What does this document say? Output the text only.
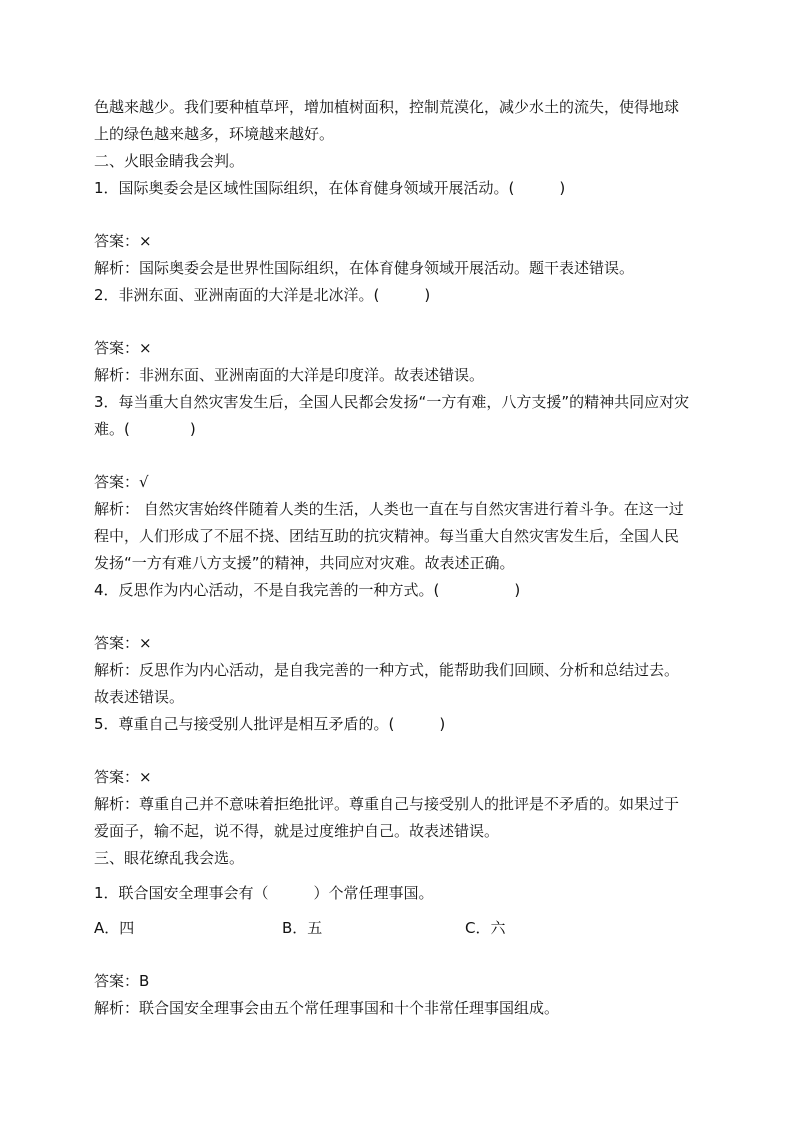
色越来越少。我们要种植草坪，增加植树面积，控制荒漠化，减少水土的流失，使得地球
上的绿色越来越多，环境越来越好。
二、火眼金睛我会判。
1．国际奥委会是区域性国际组织，在体育健身领域开展活动。(　　　)
答案：×
解析：国际奥委会是世界性国际组织，在体育健身领域开展活动。题干表述错误。
2．非洲东面、亚洲南面的大洋是北冰洋。(　　　)
答案：×
解析：非洲东面、亚洲南面的大洋是印度洋。故表述错误。
3．每当重大自然灾害发生后，全国人民都会发扬“一方有难，八方支援”的精神共同应对灾
难。(　　　　)
答案：√
解析： 自然灾害始终伴随着人类的生活，人类也一直在与自然灾害进行着斗争。在这一过
程中，人们形成了不屈不挠、团结互助的抗灾精神。每当重大自然灾害发生后，全国人民
发扬“一方有难八方支援”的精神，共同应对灾难。故表述正确。
4．反思作为内心活动，不是自我完善的一种方式。(　　　　　)
答案：×
解析：反思作为内心活动，是自我完善的一种方式，能帮助我们回顾、分析和总结过去。
故表述错误。
5．尊重自己与接受别人批评是相互矛盾的。(　　　)
答案：×
解析：尊重自己并不意味着拒绝批评。尊重自己与接受别人的批评是不矛盾的。如果过于
爱面子，输不起，说不得，就是过度维护自己。故表述错误。
三、眼花缭乱我会选。
1．联合国安全理事会有（　　　）个常任理事国。
A．四	B．五	C．六
答案：B
解析：联合国安全理事会由五个常任理事国和十个非常任理事国组成。
